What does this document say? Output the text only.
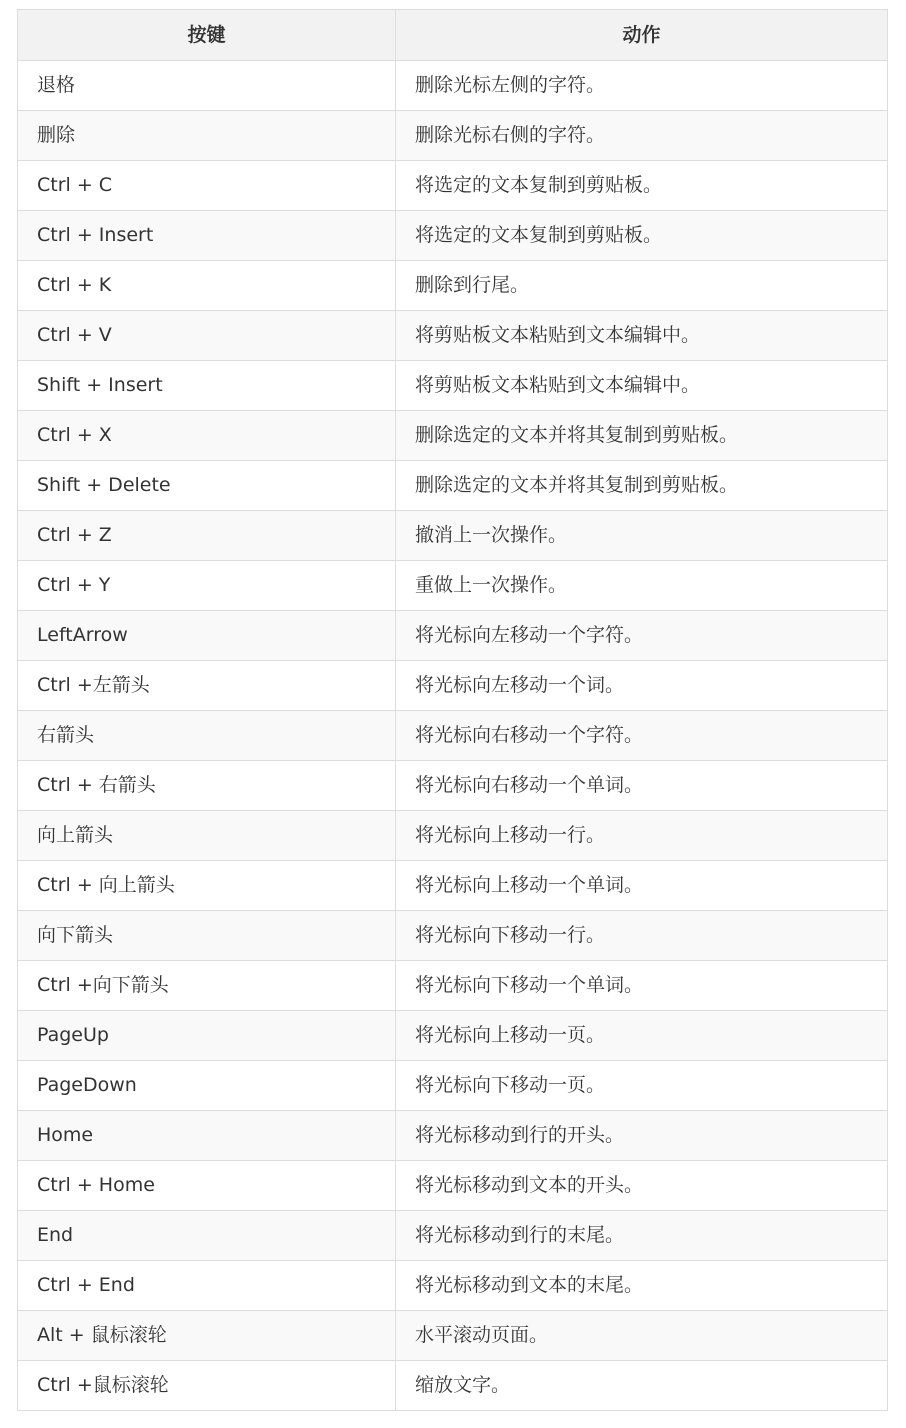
按键	动作
退格	删除光标左侧的字符。
删除	删除光标右侧的字符。
Ctrl + C	将选定的文本复制到剪贴板。
Ctrl + Insert	将选定的文本复制到剪贴板。
Ctrl + K	删除到行尾。
Ctrl + V	将剪贴板文本粘贴到文本编辑中。
Shift + Insert	将剪贴板文本粘贴到文本编辑中。
Ctrl + X	删除选定的文本并将其复制到剪贴板。
Shift + Delete	删除选定的文本并将其复制到剪贴板。
Ctrl + Z	撤消上一次操作。
Ctrl + Y	重做上一次操作。
LeftArrow	将光标向左移动一个字符。
Ctrl +左箭头	将光标向左移动一个词。
右箭头	将光标向右移动一个字符。
Ctrl + 右箭头	将光标向右移动一个单词。
向上箭头	将光标向上移动一行。
Ctrl + 向上箭头	将光标向上移动一个单词。
向下箭头	将光标向下移动一行。
Ctrl +向下箭头	将光标向下移动一个单词。
PageUp	将光标向上移动一页。
PageDown	将光标向下移动一页。
Home	将光标移动到行的开头。
Ctrl + Home	将光标移动到文本的开头。
End	将光标移动到行的末尾。
Ctrl + End	将光标移动到文本的末尾。
Alt + 鼠标滚轮	水平滚动页面。
Ctrl +鼠标滚轮	缩放文字。
